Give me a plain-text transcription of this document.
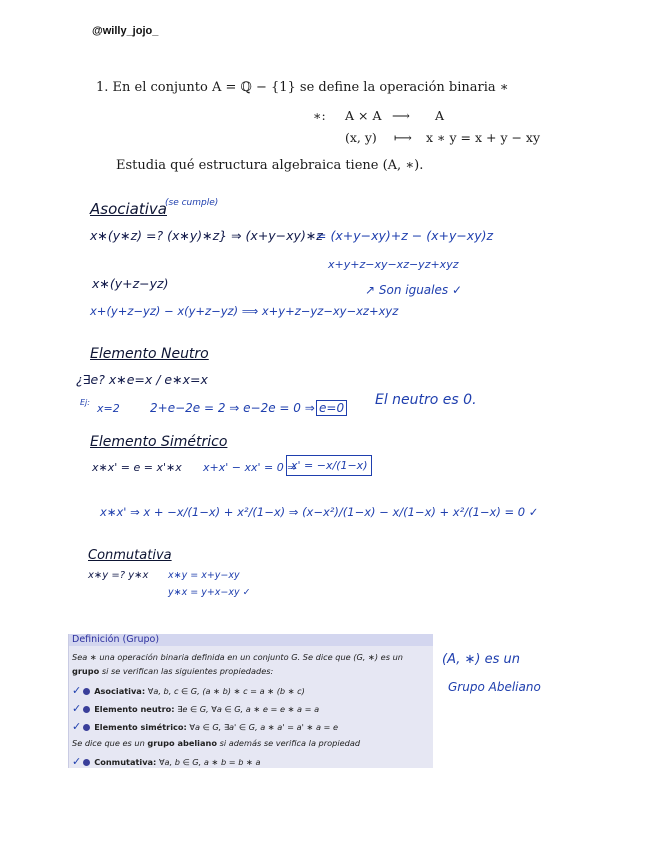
@willy_jojo_
1. En el conjunto A = ℚ − {1} se define la operación binaria ∗
∗: A × A ⟶ A
(x, y) ⟼ x ∗ y = x + y − xy
Estudia qué estructura algebraica tiene (A, ∗).
Asociativa
(se cumple)
x∗(y∗z) =? (x∗y)∗z} ⇒ (x+y−xy)∗z
= (x+y−xy)+z − (x+y−xy)z
x+y+z−xy−xz−yz+xyz
x∗(y+z−yz)	↗ Son iguales ✓
x+(y+z−yz) − x(y+z−yz) ⟹ x+y+z−yz−xy−xz+xyz
Elemento Neutro
¿∃e? x∗e=x / e∗x=x
Ej: x=2	2+e−2e = 2 ⇒ e−2e = 0 ⇒ e=0 El neutro es 0.
Elemento Simétrico
x∗x' = e = x'∗x x+x' − xx' = 0 ⇒
x' = −x/(1−x)
x∗x' ⇒ x + −x/(1−x) + x²/(1−x) ⇒ (x−x²)/(1−x) − x/(1−x) + x²/(1−x) = 0 ✓
Conmutativa
x∗y =? y∗x x∗y = x+y−xy
y∗x = y+x−xy ✓
Definición (Grupo)
Sea ∗ una operación binaria definida en un conjunto G. Se dice que (G, ∗) es un
grupo si se verifican las siguientes propiedades:
✓ Asociativa: ∀a, b, c ∈ G, (a ∗ b) ∗ c = a ∗ (b ∗ c)
✓ Elemento neutro: ∃e ∈ G, ∀a ∈ G, a ∗ e = e ∗ a = a
✓ Elemento simétrico: ∀a ∈ G, ∃a' ∈ G, a ∗ a' = a' ∗ a = e
Se dice que es un grupo abeliano si además se verifica la propiedad
✓ Conmutativa: ∀a, b ∈ G, a ∗ b = b ∗ a
(A, ∗) es un
Grupo Abeliano
